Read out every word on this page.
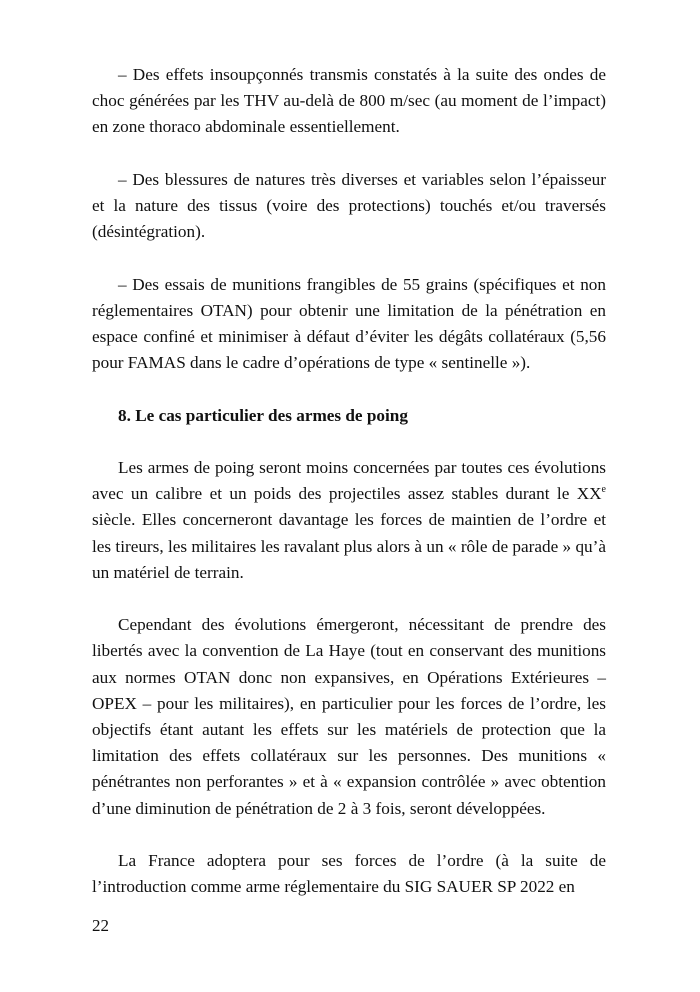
– Des effets insoupçonnés transmis constatés à la suite des ondes de choc générées par les THV au-delà de 800 m/sec (au moment de l’impact) en zone thoraco abdominale essentiellement.

– Des blessures de natures très diverses et variables selon l’épaisseur et la nature des tissus (voire des protections) touchés et/ou traversés (désintégration).

– Des essais de munitions frangibles de 55 grains (spécifiques et non réglementaires OTAN) pour obtenir une limitation de la pénétration en espace confiné et minimiser à défaut d’éviter les dégâts collatéraux (5,56 pour FAMAS dans le cadre d’opérations de type « sentinelle »).

8. Le cas particulier des armes de poing

Les armes de poing seront moins concernées par toutes ces évolutions avec un calibre et un poids des projectiles assez stables durant le XXe siècle. Elles concerneront davantage les forces de maintien de l’ordre et les tireurs, les militaires les ravalant plus alors à un « rôle de parade » qu’à un matériel de terrain.

Cependant des évolutions émergeront, nécessitant de prendre des libertés avec la convention de La Haye (tout en conservant des munitions aux normes OTAN donc non expansives, en Opérations Extérieures – OPEX – pour les militaires), en particulier pour les forces de l’ordre, les objectifs étant autant les effets sur les matériels de protection que la limitation des effets collatéraux sur les personnes. Des munitions « pénétrantes non perforantes » et à « expansion contrôlée » avec obtention d’une diminution de pénétration de 2 à 3 fois, seront développées.

La France adoptera pour ses forces de l’ordre (à la suite de l’introduction comme arme réglementaire du SIG SAUER SP 2022 en

22
